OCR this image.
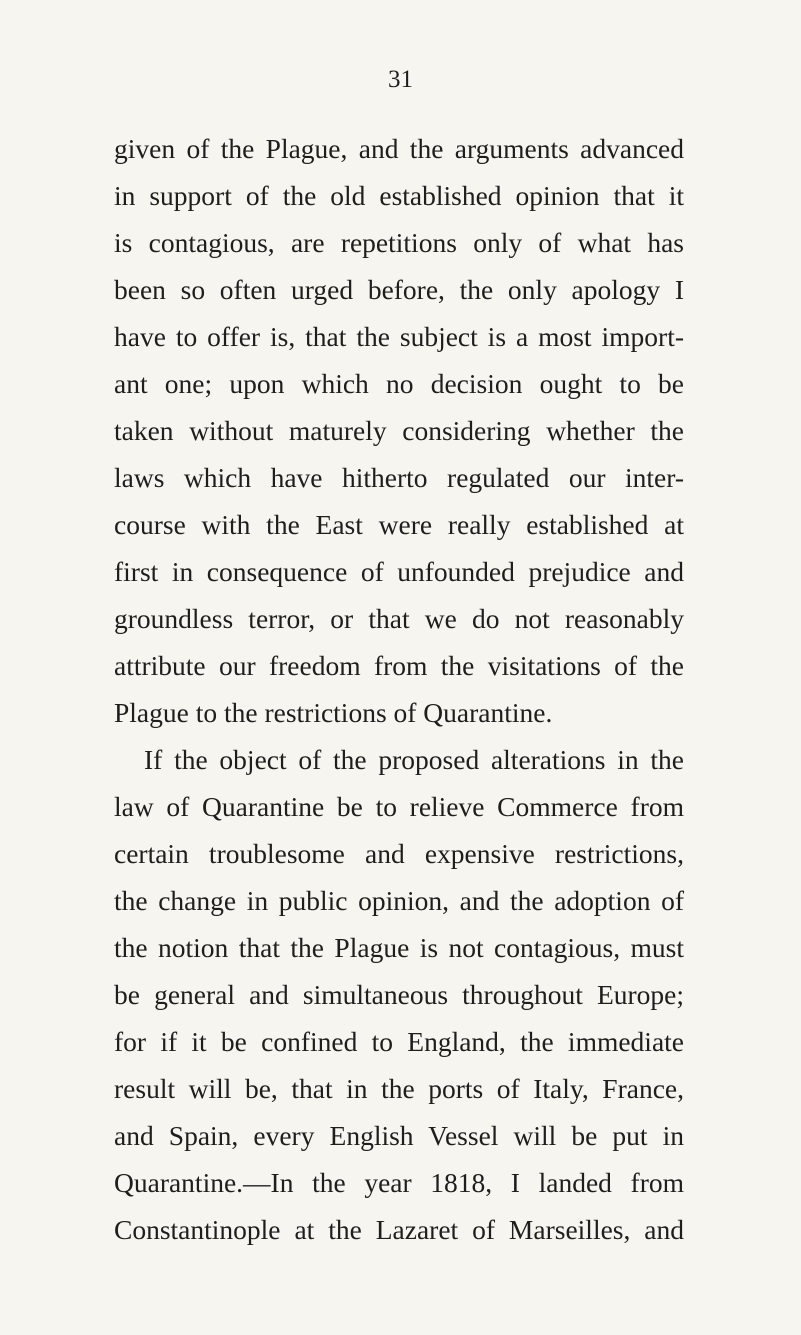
31
given of the Plague, and the arguments advanced
in support of the old established opinion that it
is contagious, are repetitions only of what has
been so often urged before, the only apology I
have to offer is, that the subject is a most import-
ant one; upon which no decision ought to be
taken without maturely considering whether the
laws which have hitherto regulated our inter-
course with the East were really established at
first in consequence of unfounded prejudice and
groundless terror, or that we do not reasonably
attribute our freedom from the visitations of the
Plague to the restrictions of Quarantine.
If the object of the proposed alterations in the
law of Quarantine be to relieve Commerce from
certain troublesome and expensive restrictions,
the change in public opinion, and the adoption of
the notion that the Plague is not contagious, must
be general and simultaneous throughout Europe;
for if it be confined to England, the immediate
result will be, that in the ports of Italy, France,
and Spain, every English Vessel will be put in
Quarantine.—In the year 1818, I landed from
Constantinople at the Lazaret of Marseilles, and
